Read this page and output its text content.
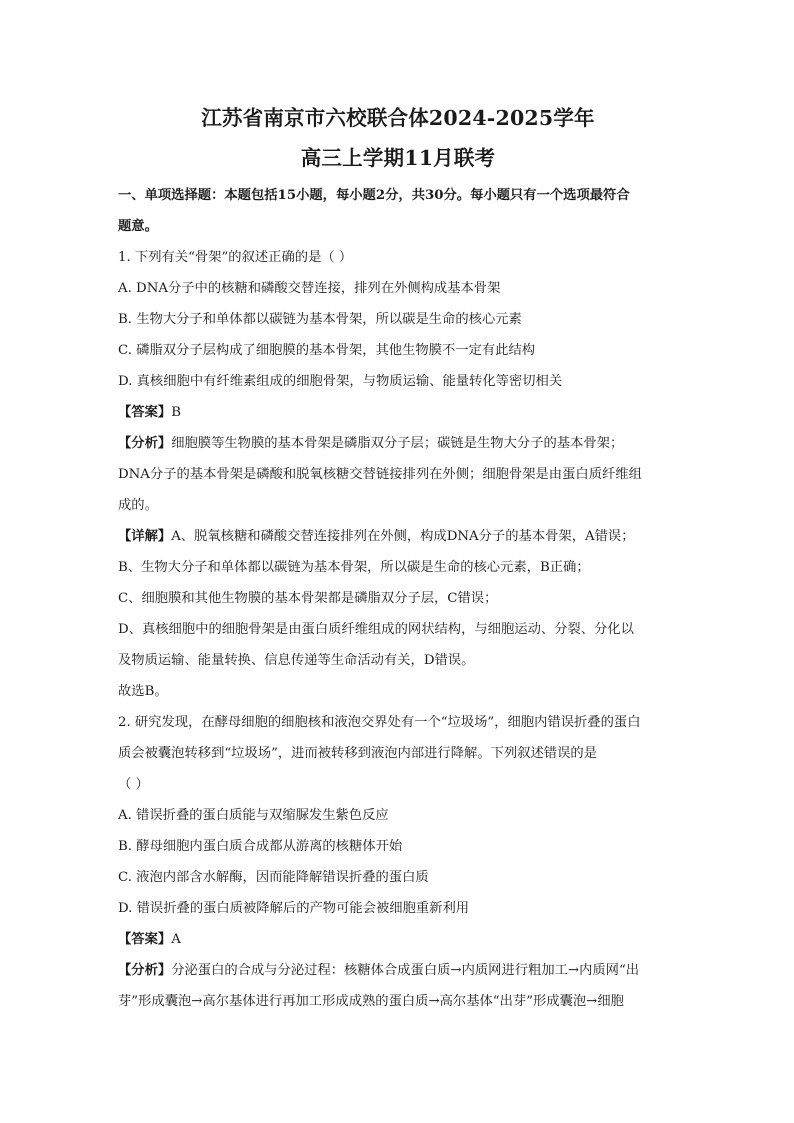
江苏省南京市六校联合体2024-2025学年
高三上学期11月联考
一、单项选择题：本题包括15小题，每小题2分，共30分。每小题只有一个选项最符合
题意。
1. 下列有关“骨架”的叙述正确的是（ ）
A. DNA分子中的核糖和磷酸交替连接，排列在外侧构成基本骨架
B. 生物大分子和单体都以碳链为基本骨架，所以碳是生命的核心元素
C. 磷脂双分子层构成了细胞膜的基本骨架，其他生物膜不一定有此结构
D. 真核细胞中有纤维素组成的细胞骨架，与物质运输、能量转化等密切相关
【答案】B
【分析】细胞膜等生物膜的基本骨架是磷脂双分子层；碳链是生物大分子的基本骨架；
DNA分子的基本骨架是磷酸和脱氧核糖交替链接排列在外侧；细胞骨架是由蛋白质纤维组
成的。
【详解】A、脱氧核糖和磷酸交替连接排列在外侧，构成DNA分子的基本骨架，A错误；
B、生物大分子和单体都以碳链为基本骨架，所以碳是生命的核心元素，B正确；
C、细胞膜和其他生物膜的基本骨架都是磷脂双分子层，C错误；
D、真核细胞中的细胞骨架是由蛋白质纤维组成的网状结构，与细胞运动、分裂、分化以
及物质运输、能量转换、信息传递等生命活动有关，D错误。
故选B。
2. 研究发现，在酵母细胞的细胞核和液泡交界处有一个“垃圾场”，细胞内错误折叠的蛋白
质会被囊泡转移到“垃圾场”，进而被转移到液泡内部进行降解。下列叙述错误的是
（ ）
A. 错误折叠的蛋白质能与双缩脲发生紫色反应
B. 酵母细胞内蛋白质合成都从游离的核糖体开始
C. 液泡内部含水解酶，因而能降解错误折叠的蛋白质
D. 错误折叠的蛋白质被降解后的产物可能会被细胞重新利用
【答案】A
【分析】分泌蛋白的合成与分泌过程：核糖体合成蛋白质→内质网进行粗加工→内质网“出
芽”形成囊泡→高尔基体进行再加工形成成熟的蛋白质→高尔基体“出芽”形成囊泡→细胞
